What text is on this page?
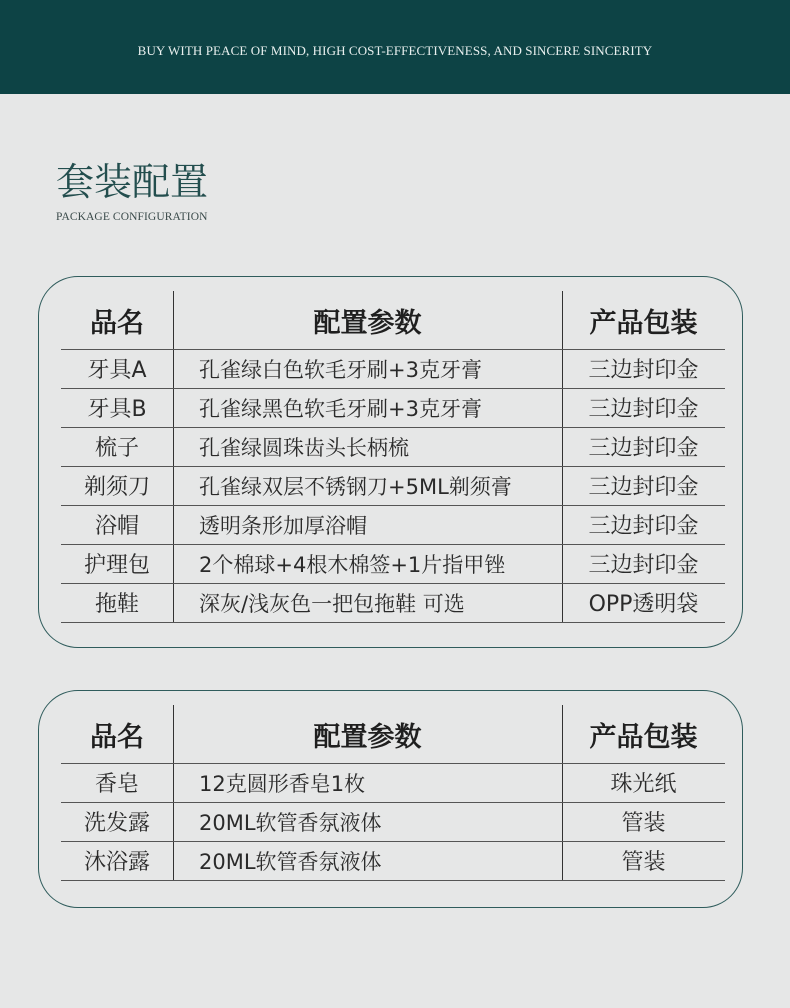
BUY WITH PEACE OF MIND, HIGH COST-EFFECTIVENESS, AND SINCERE SINCERITY
套装配置
PACKAGE CONFIGURATION
品名	配置参数	产品包装
牙具A	孔雀绿白色软毛牙刷+3克牙膏	三边封印金
牙具B	孔雀绿黑色软毛牙刷+3克牙膏	三边封印金
梳子	孔雀绿圆珠齿头长柄梳	三边封印金
剃须刀	孔雀绿双层不锈钢刀+5ML剃须膏	三边封印金
浴帽	透明条形加厚浴帽	三边封印金
护理包	2个棉球+4根木棉签+1片指甲锉	三边封印金
拖鞋	深灰/浅灰色一把包拖鞋 可选	OPP透明袋
品名	配置参数	产品包装
香皂	12克圆形香皂1枚	珠光纸
洗发露	20ML软管香氛液体	管装
沐浴露	20ML软管香氛液体	管装
